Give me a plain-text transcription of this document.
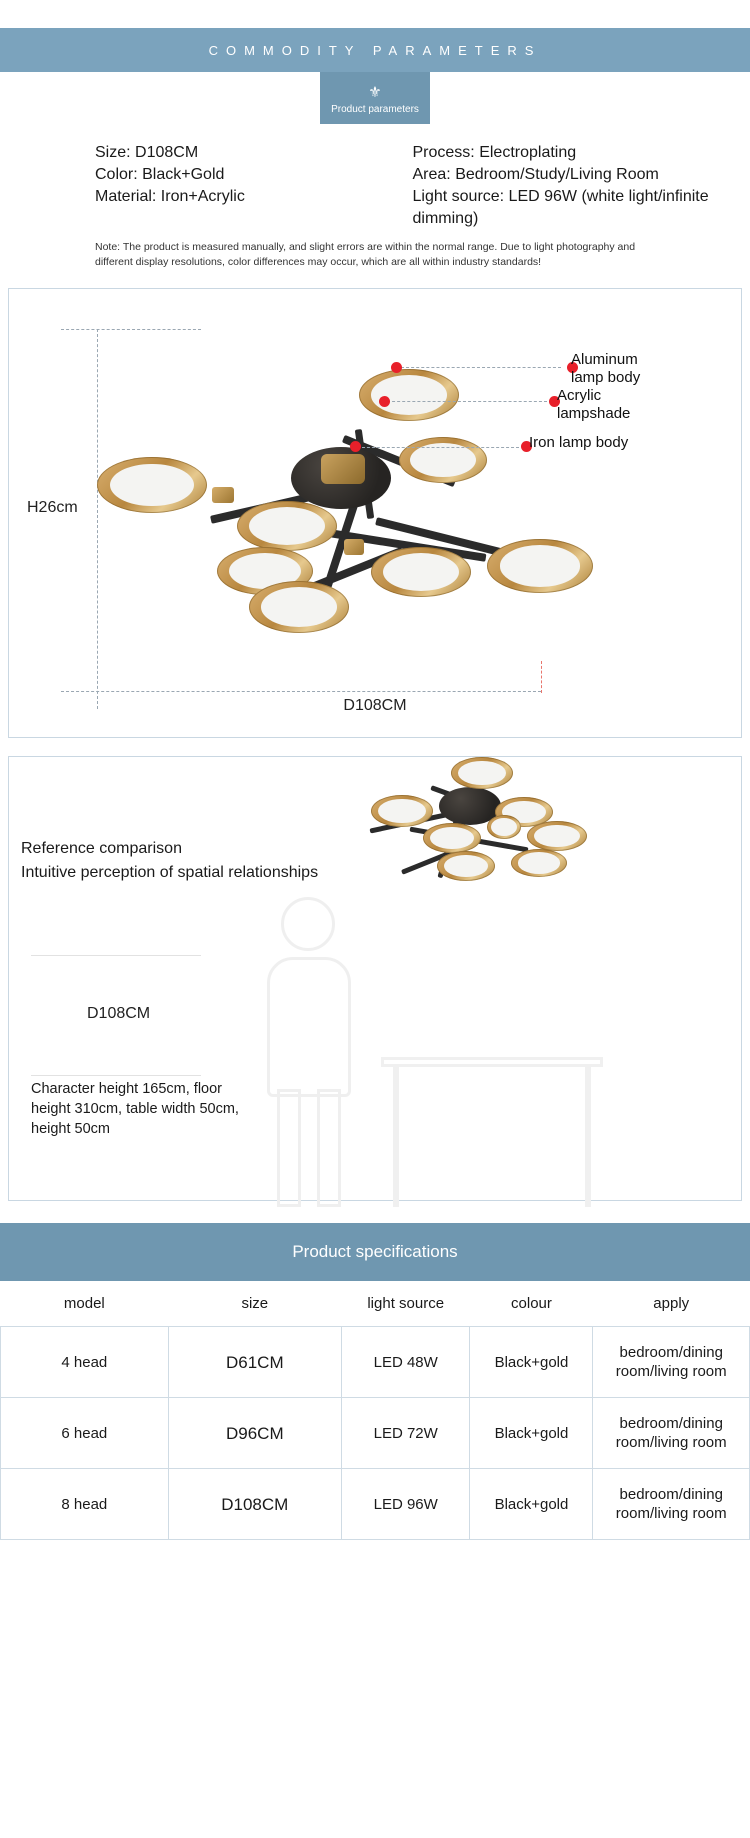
COMMODITY PARAMETERS
⚜
Product parameters
Size: D108CM
Color: Black+Gold
Material: Iron+Acrylic
Process: Electroplating
Area: Bedroom/Study/Living Room
Light source: LED 96W (white light/infinite dimming)
Note: The product is measured manually, and slight errors are within the normal range. Due to light photography and different display resolutions, color differences may occur, which are all within industry standards!
H26cm
D108CM
Aluminum lamp body
Acrylic lampshade
Iron lamp body
Reference comparison
Intuitive perception of spatial relationships
D108CM
Character height 165cm, floor height 310cm, table width 50cm, height 50cm
Product specifications
model	size	light source	colour	apply
4 head	D61CM	LED 48W	Black+gold	bedroom/dining room/living room
6 head	D96CM	LED 72W	Black+gold	bedroom/dining room/living room
8 head	D108CM	LED 96W	Black+gold	bedroom/dining room/living room
